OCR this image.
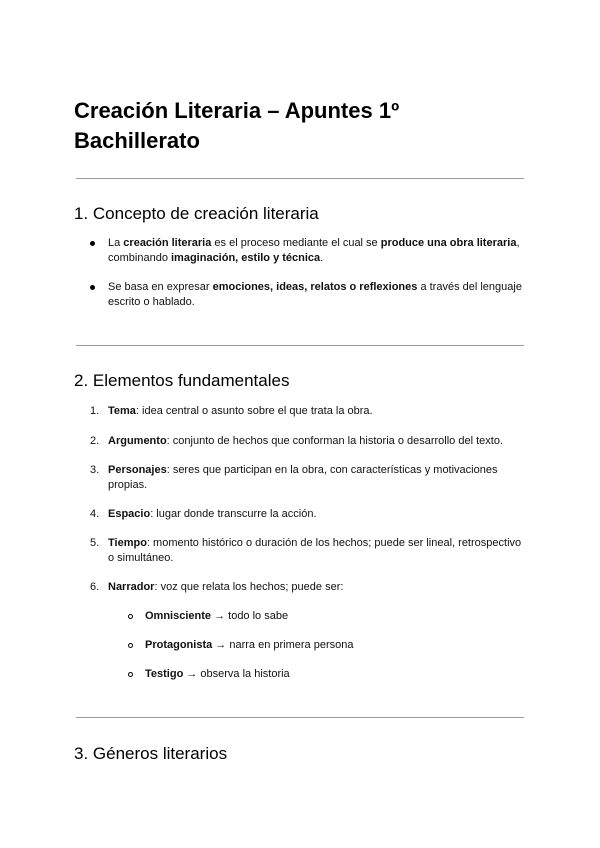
Creación Literaria – Apuntes 1º Bachillerato
1. Concepto de creación literaria
La creación literaria es el proceso mediante el cual se produce una obra literaria,
combinando imaginación, estilo y técnica.
Se basa en expresar emociones, ideas, relatos o reflexiones a través del lenguaje
escrito o hablado.
2. Elementos fundamentales
1. Tema: idea central o asunto sobre el que trata la obra.
2. Argumento: conjunto de hechos que conforman la historia o desarrollo del texto.
3. Personajes: seres que participan en la obra, con características y motivaciones
propias.
4. Espacio: lugar donde transcurre la acción.
5. Tiempo: momento histórico o duración de los hechos; puede ser lineal, retrospectivo
o simultáneo.
6. Narrador: voz que relata los hechos; puede ser:
Omnisciente → todo lo sabe
Protagonista → narra en primera persona
Testigo → observa la historia
3. Géneros literarios
